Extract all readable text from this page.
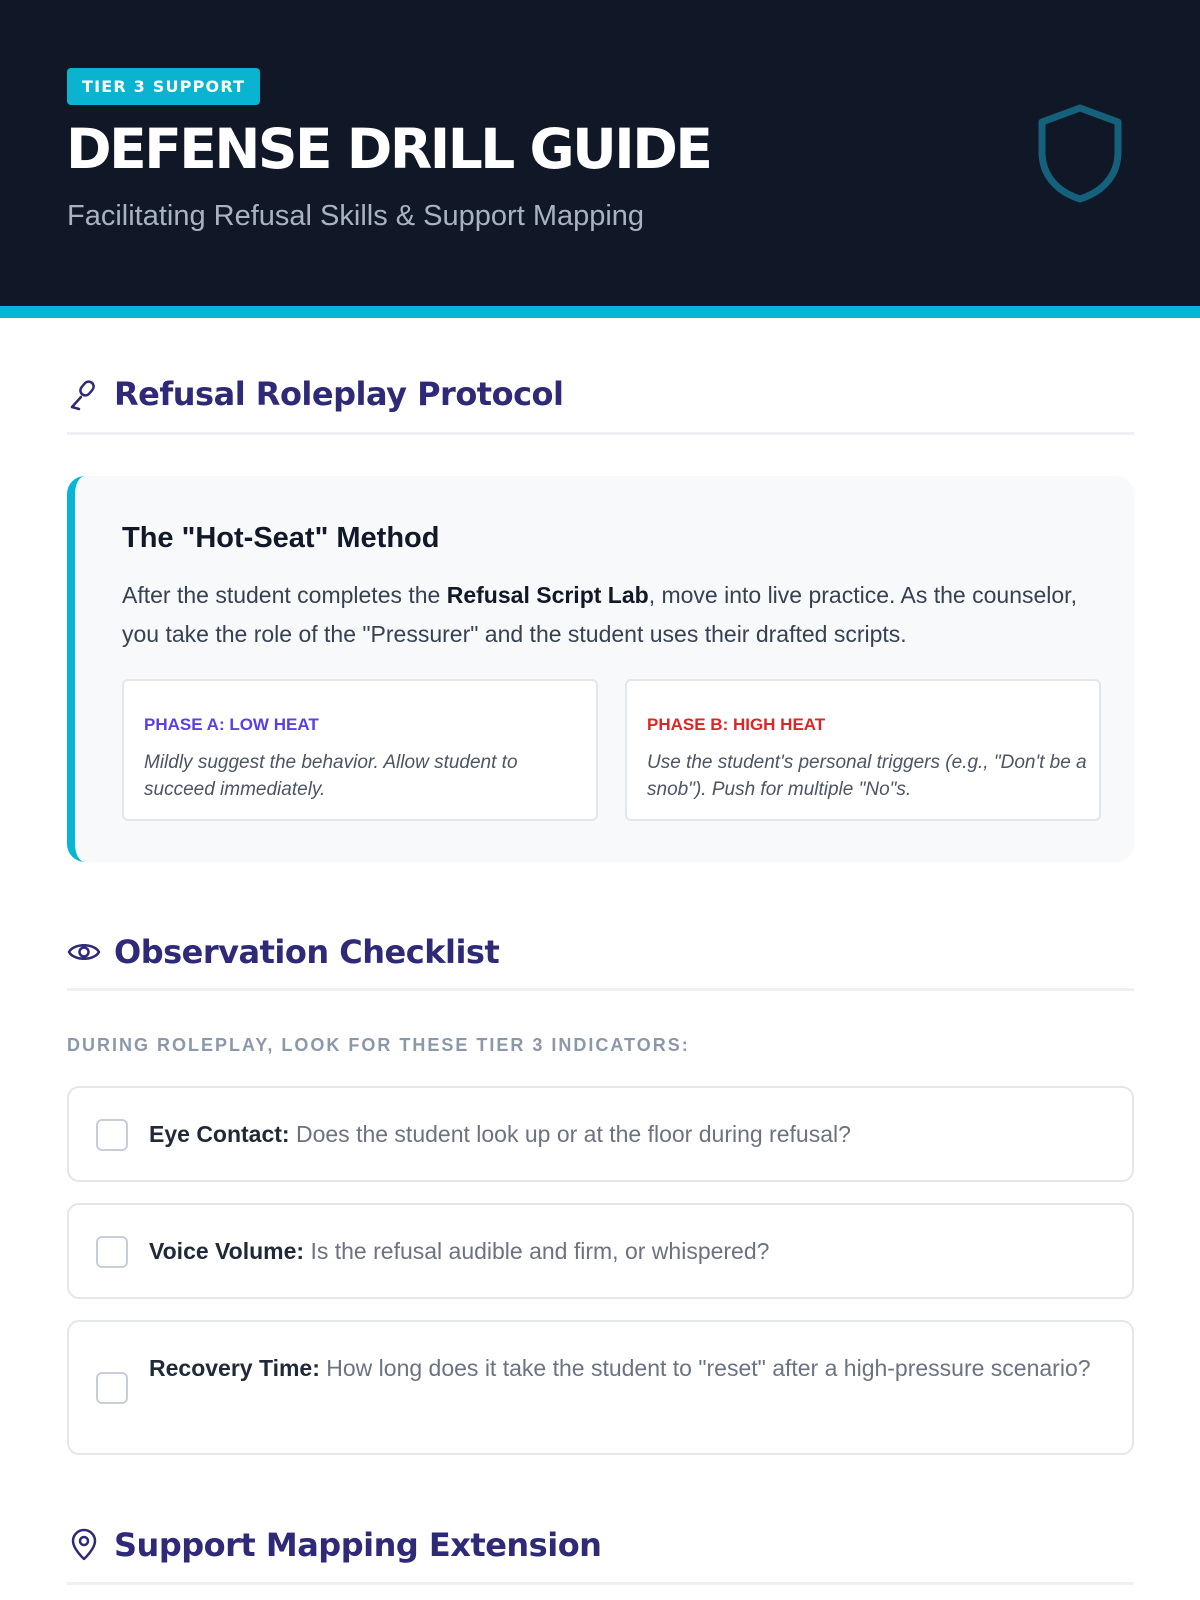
TIER 3 SUPPORT
DEFENSE DRILL GUIDE
Facilitating Refusal Skills & Support Mapping
Refusal Roleplay Protocol
The "Hot-Seat" Method
After the student completes the Refusal Script Lab, move into live practice. As the counselor, you take the role of the "Pressurer" and the student uses their drafted scripts.
PHASE A: LOW HEAT
Mildly suggest the behavior. Allow student to succeed immediately.
PHASE B: HIGH HEAT
Use the student's personal triggers (e.g., "Don't be a snob"). Push for multiple "No"s.
Observation Checklist
DURING ROLEPLAY, LOOK FOR THESE TIER 3 INDICATORS:
Eye Contact: Does the student look up or at the floor during refusal?
Voice Volume: Is the refusal audible and firm, or whispered?
Recovery Time: How long does it take the student to "reset" after a high-pressure scenario?
Support Mapping Extension
